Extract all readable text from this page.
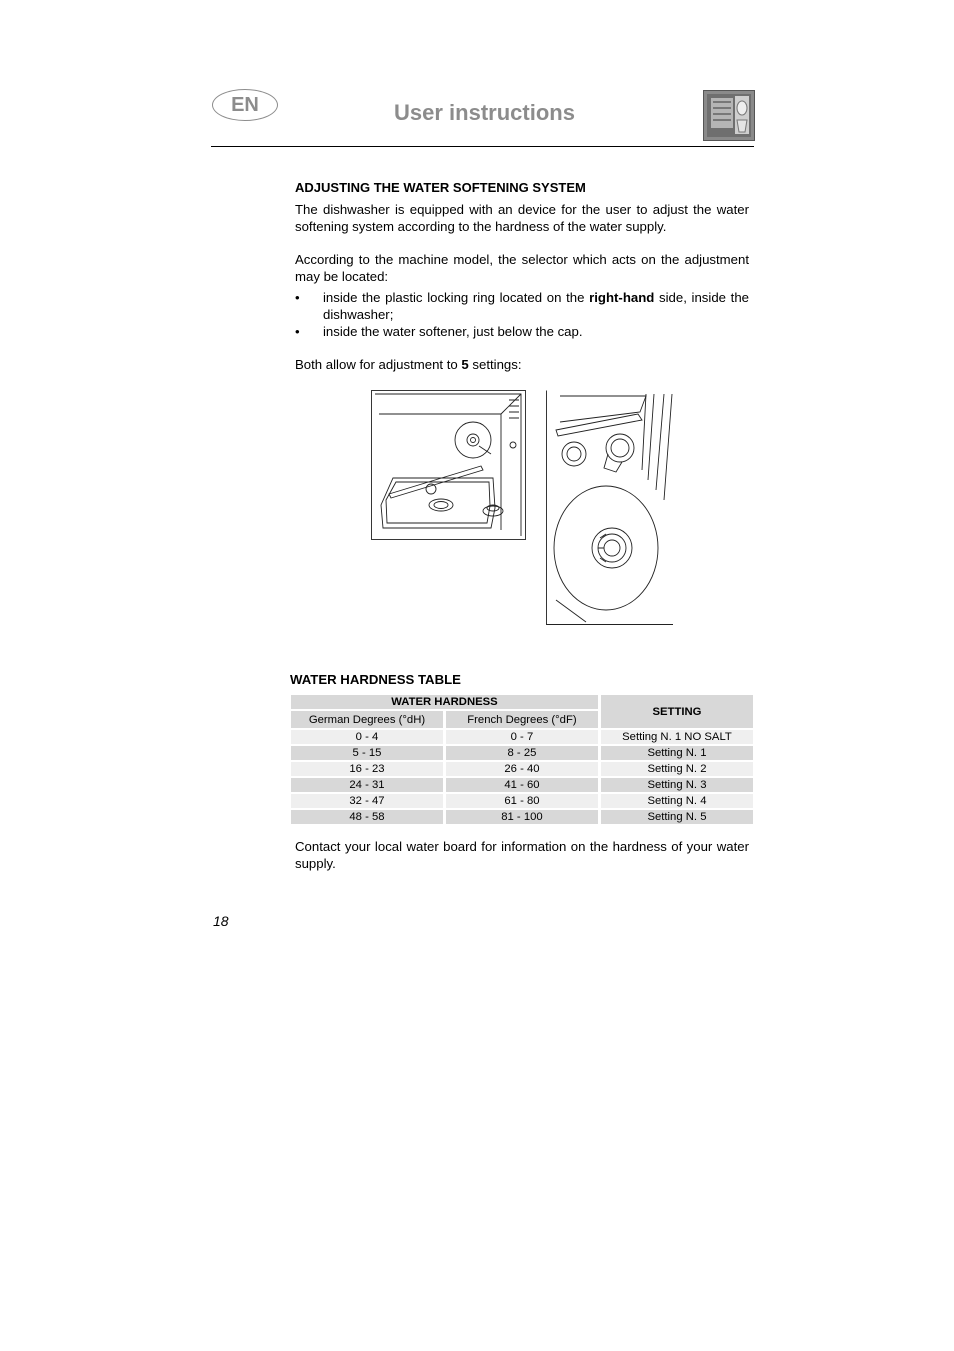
EN	User instructions
ADJUSTING THE WATER SOFTENING SYSTEM
The dishwasher is equipped with an device for the user to adjust the water softening system according to the hardness of the water supply.
According to the machine model, the selector which acts on the adjustment may be located:
• inside the plastic locking ring located on the right-hand side, inside the dishwasher;
• inside the water softener, just below the cap.
Both allow for adjustment to 5 settings:
WATER HARDNESS TABLE
WATER HARDNESS		SETTING
German Degrees (°dH)	French Degrees (°dF)	
0 - 4	0 - 7	Setting N. 1 NO SALT
5 - 15	8 - 25	Setting N. 1
16 - 23	26 - 40	Setting N. 2
24 - 31	41 - 60	Setting N. 3
32 - 47	61 - 80	Setting N. 4
48 - 58	81 - 100	Setting N. 5
Contact your local water board for information on the hardness of your water supply.
18
